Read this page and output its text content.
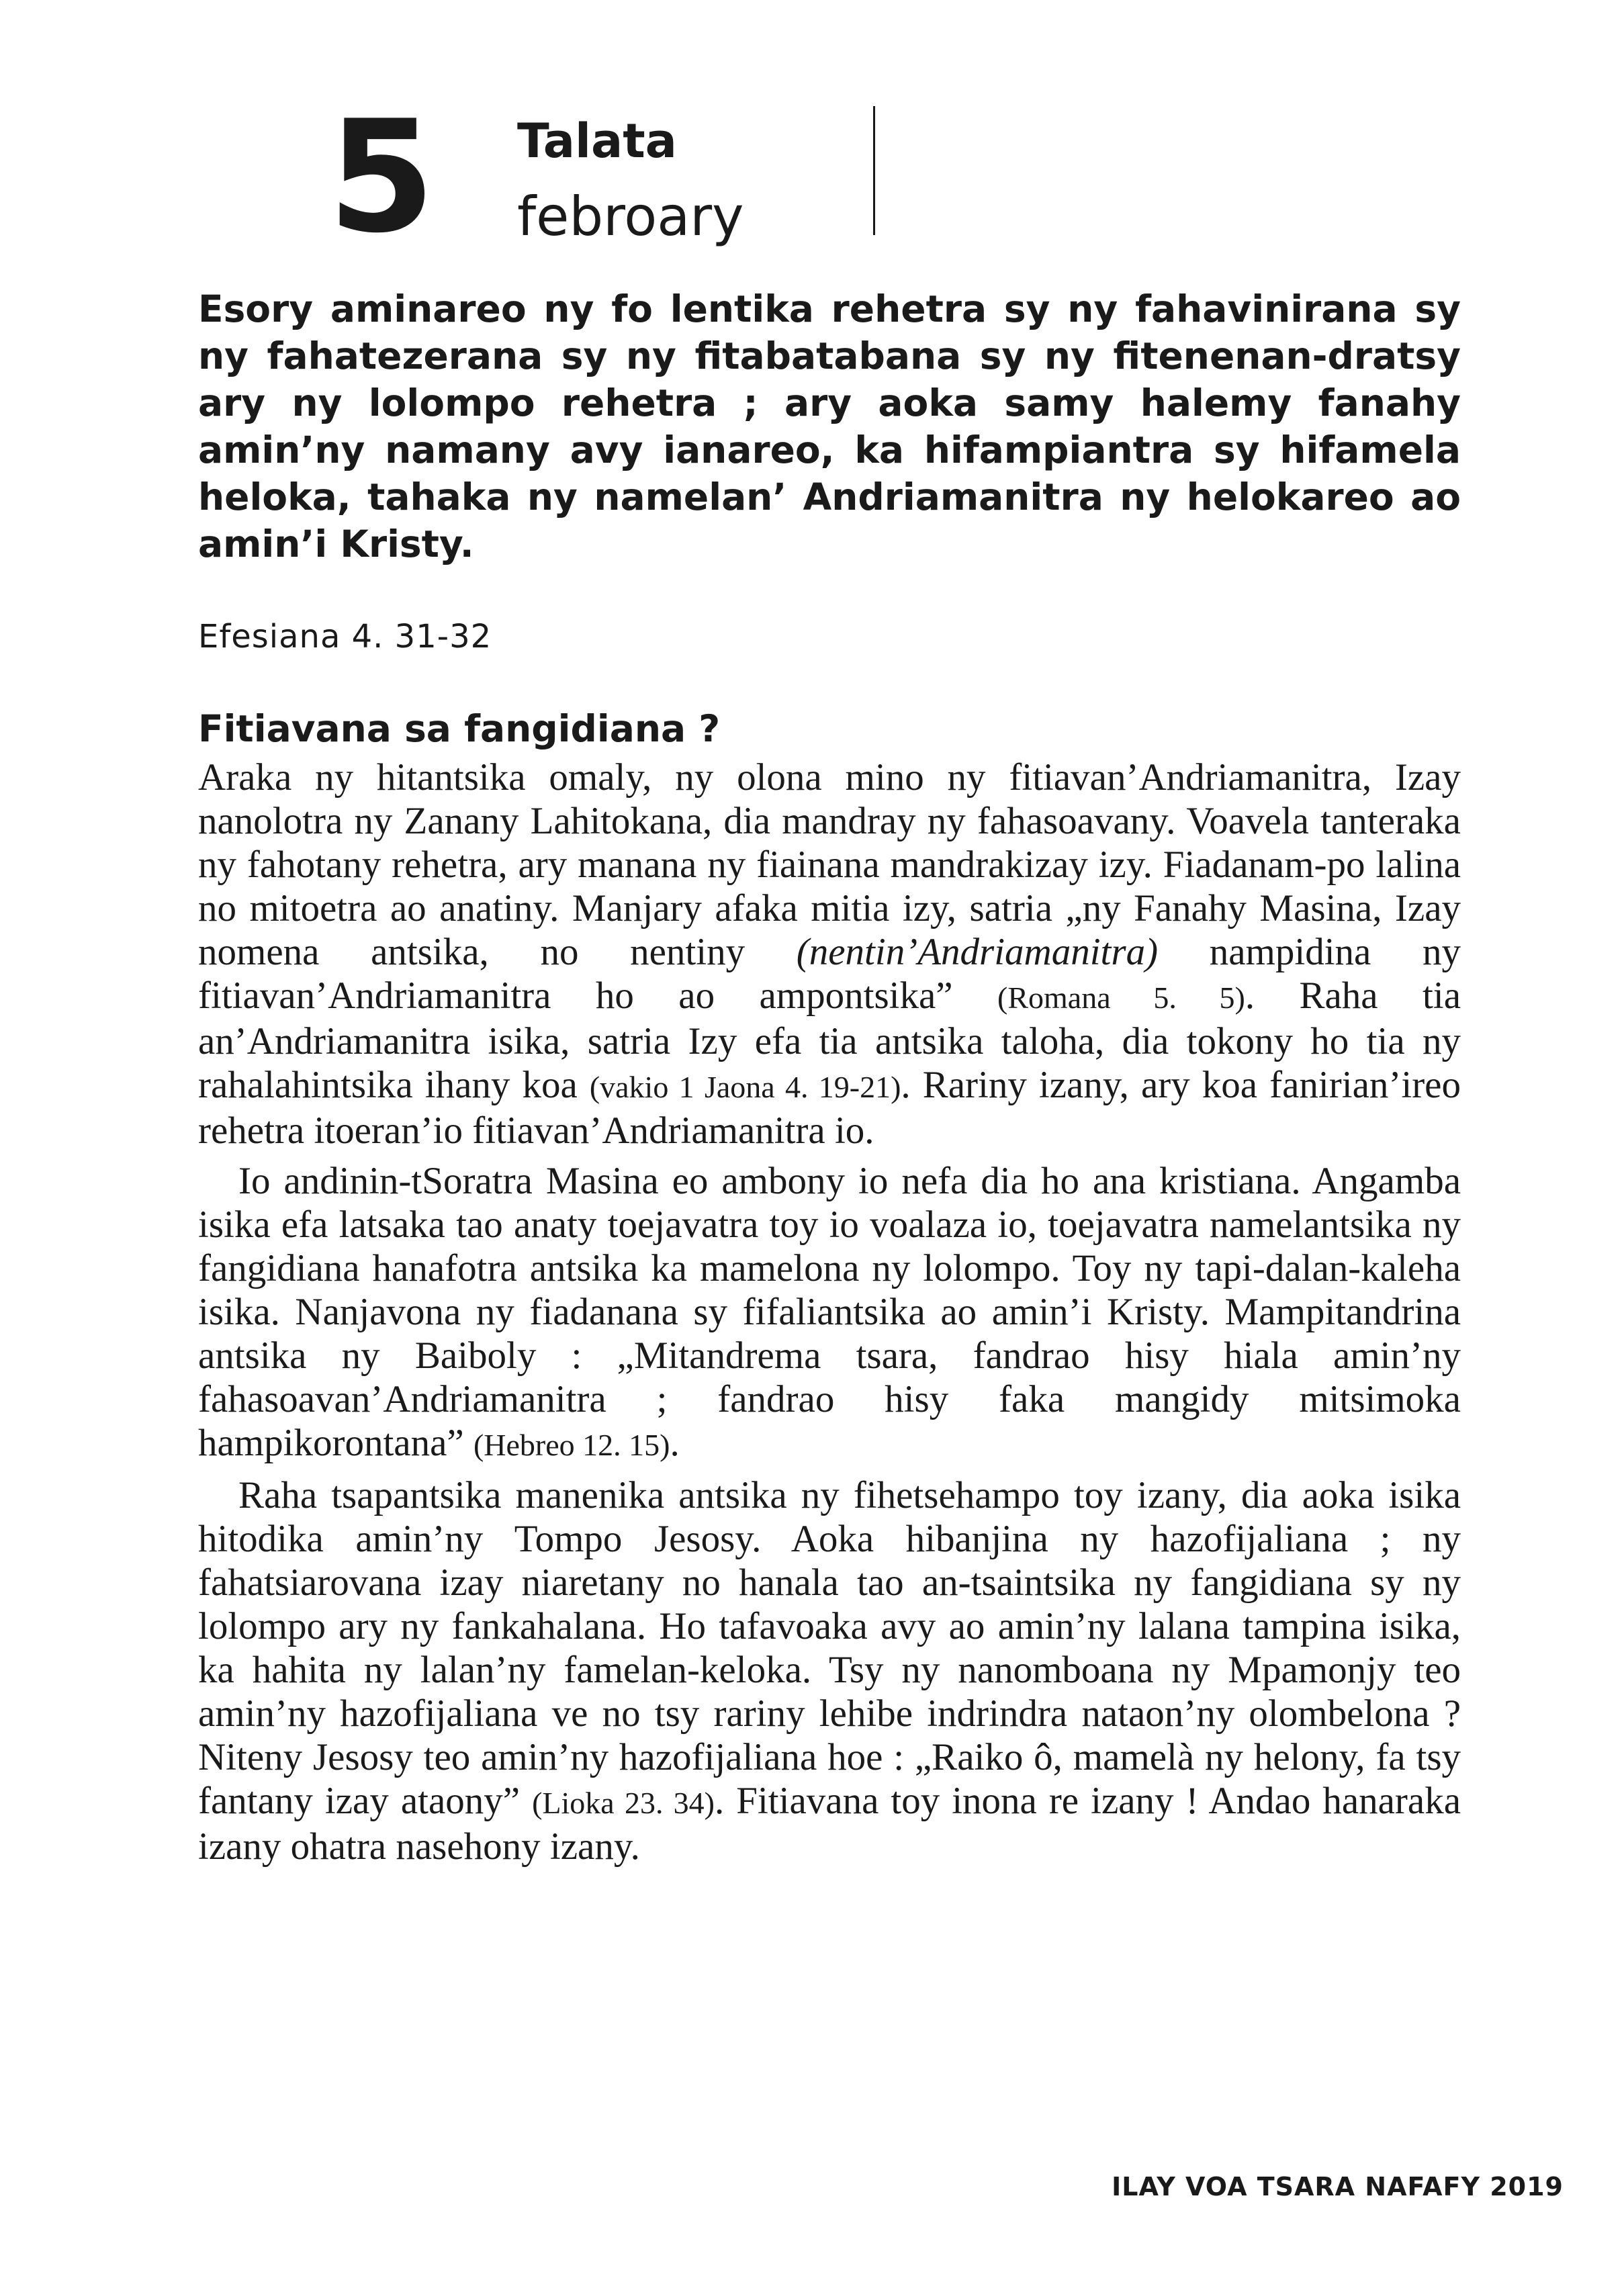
5 Talata
febroary

Esory aminareo ny fo lentika rehetra sy ny fahavinirana sy ny fahatezerana sy ny fitabatabana sy ny fitenenan-dratsy ary ny lolompo rehetra ; ary aoka samy halemy fanahy amin’ny namany avy ianareo, ka hifampiantra sy hifamela heloka, tahaka ny namelan’ Andriamanitra ny helokareo ao amin’i Kristy.

Efesiana 4. 31-32
Fitiavana sa fangidiana ?

Araka ny hitantsika omaly, ny olona mino ny fitiavan’Andriamanitra, Izay nanolotra ny Zanany Lahitokana, dia mandray ny fahasoavany. Voavela tanteraka ny fahotany rehetra, ary manana ny fiainana mandrakizay izy. Fiadanam-po lalina no mitoetra ao anatiny. Manjary afaka mitia izy, satria „ny Fanahy Masina, Izay nomena antsika, no nentiny (nentin’Andriamanitra) nampidina ny fitiavan’Andriamanitra ho ao ampontsika” (Romana 5. 5). Raha tia an’Andriamanitra isika, satria Izy efa tia antsika taloha, dia tokony ho tia ny rahalahintsika ihany koa (vakio 1 Jaona 4. 19-21). Rariny izany, ary koa fanirian’ireo rehetra itoeran’io fitiavan’Andriamanitra io.

Io andinin-tSoratra Masina eo ambony io nefa dia ho ana kristiana. Angamba isika efa latsaka tao anaty toejavatra toy io voalaza io, toejavatra namelantsika ny fangidiana hanafotra antsika ka mamelona ny lolompo. Toy ny tapi-dalan-kaleha isika. Nanjavona ny fiadanana sy fifaliantsika ao amin’i Kristy. Mampitandrina antsika ny Baiboly : „Mitandrema tsara, fandrao hisy hiala amin’ny fahasoavan’Andriamanitra ; fandrao hisy faka mangidy mitsimoka hampikorontana” (Hebreo 12. 15).

Raha tsapantsika manenika antsika ny fihetsehampo toy izany, dia aoka isika hitodika amin’ny Tompo Jesosy. Aoka hibanjina ny hazofijaliana ; ny fahatsiarovana izay niaretany no hanala tao an-tsaintsika ny fangidiana sy ny lolompo ary ny fankahalana. Ho tafavoaka avy ao amin’ny lalana tampina isika, ka hahita ny lalan’ny famelan-keloka. Tsy ny nanomboana ny Mpamonjy teo amin’ny hazofijaliana ve no tsy rariny lehibe indrindra nataon’ny olombelona ? Niteny Jesosy teo amin’ny hazofijaliana hoe : „Raiko ô, mamelà ny helony, fa tsy fantany izay ataony” (Lioka 23. 34). Fitiavana toy inona re izany ! Andao hanaraka izany ohatra nasehony izany.

ILAY VOA TSARA NAFAFY 2019
